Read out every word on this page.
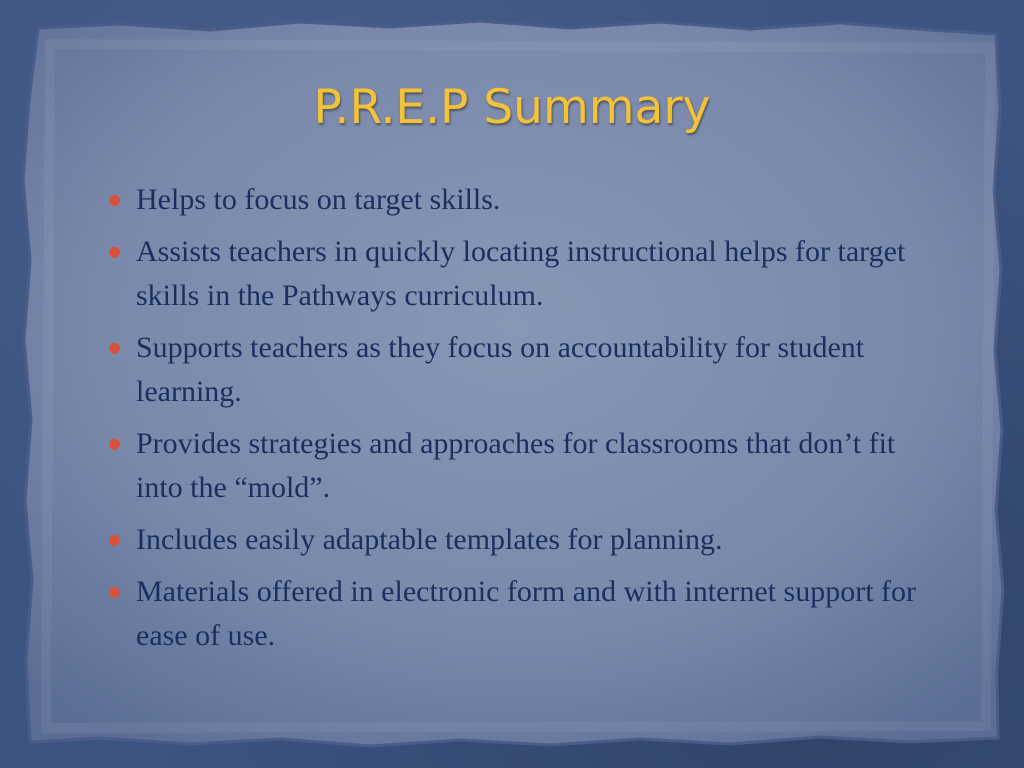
P.R.E.P Summary
Helps to focus on target skills.
Assists teachers in quickly locating instructional helps for target skills in the Pathways curriculum.
Supports teachers as they focus on accountability for student learning.
Provides strategies and approaches for classrooms that don’t fit into the “mold”.
Includes easily adaptable templates for planning.
Materials offered in electronic form and with internet support for ease of use.
